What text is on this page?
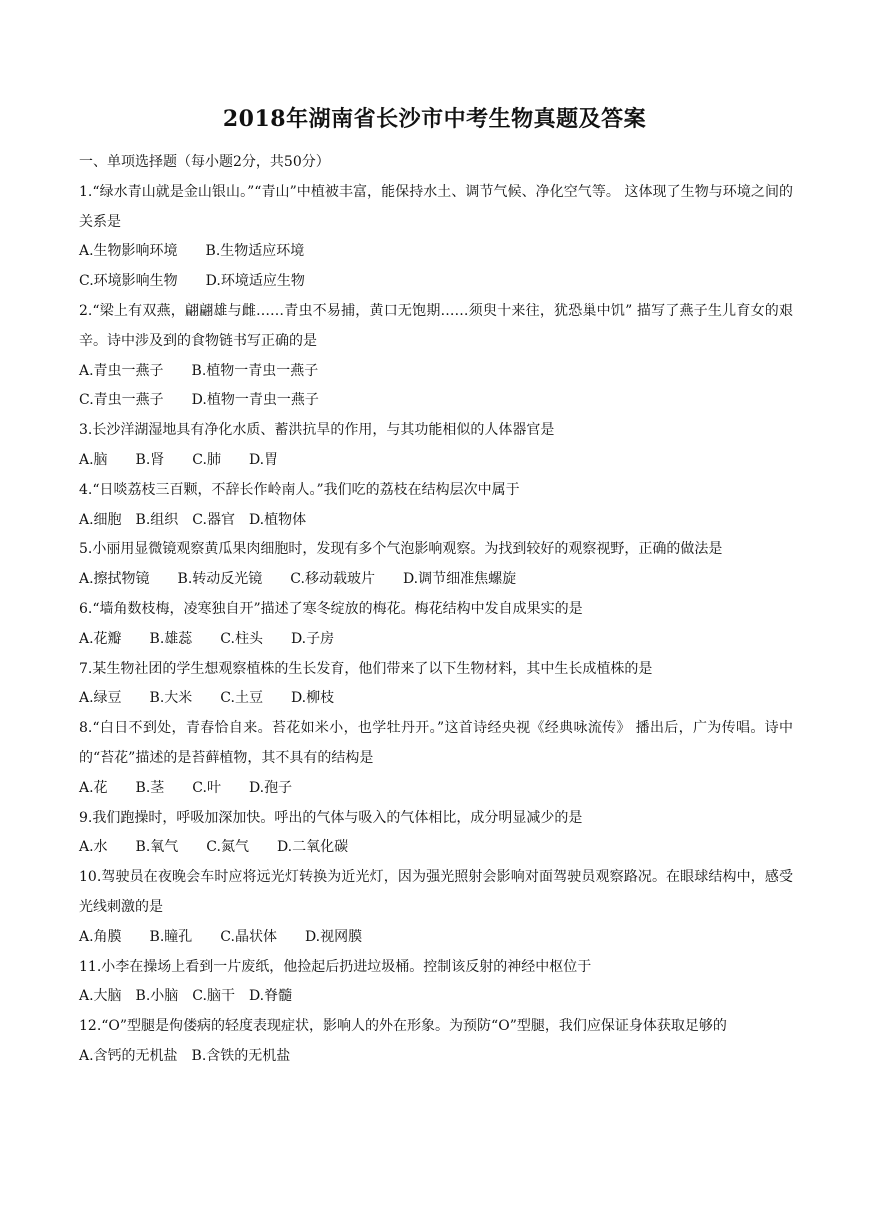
2018年湖南省长沙市中考生物真题及答案
一、单项选择题（每小题2分，共50分）
1.“绿水青山就是金山银山。”“青山”中植被丰富，能保持水土、调节气候、净化空气等。 这体现了生物与环境之间的关系是
A.生物影响环境　　B.生物适应环境
C.环境影响生物　　D.环境适应生物
2.“梁上有双燕，翩翩雄与雌……青虫不易捕，黄口无饱期……须臾十来往，犹恐巢中饥” 描写了燕子生儿育女的艰辛。诗中涉及到的食物链书写正确的是
A.青虫一燕子　　B.植物一青虫一燕子
C.青虫一燕子　　D.植物一青虫一燕子
3.长沙洋湖湿地具有净化水质、蓄洪抗旱的作用，与其功能相似的人体器官是
A.脑　　B.肾　　C.肺　　D.胃
4.“日啖荔枝三百颗，不辞长作岭南人。”我们吃的荔枝在结构层次中属于
A.细胞　B.组织　C.器官　D.植物体
5.小丽用显微镜观察黄瓜果肉细胞时，发现有多个气泡影响观察。为找到较好的观察视野，正确的做法是
A.擦拭物镜　　B.转动反光镜　　C.移动载玻片　　D.调节细准焦螺旋
6.“墙角数枝梅，凌寒独自开”描述了寒冬绽放的梅花。梅花结构中发自成果实的是
A.花瓣　　B.雄蕊　　C.柱头　　D.子房
7.某生物社团的学生想观察植株的生长发育，他们带来了以下生物材料，其中生长成植株的是
A.绿豆　　B.大米　　C.土豆　　D.柳枝
8.“白日不到处，青春恰自来。苔花如米小，也学牡丹开。”这首诗经央视《经典咏流传》 播出后，广为传唱。诗中的“苔花”描述的是苔藓植物，其不具有的结构是
A.花　　B.茎　　C.叶　　D.孢子
9.我们跑操时，呼吸加深加快。呼出的气体与吸入的气体相比，成分明显减少的是
A.水　　B.氧气　　C.氮气　　D.二氧化碳
10.驾驶员在夜晚会车时应将远光灯转换为近光灯，因为强光照射会影响对面驾驶员观察路况。在眼球结构中，感受光线刺激的是
A.角膜　　B.瞳孔　　C.晶状体　　D.视网膜
11.小李在操场上看到一片废纸，他捡起后扔进垃圾桶。控制该反射的神经中枢位于
A.大脑　B.小脑　C.脑干　D.脊髓
12.“O”型腿是佝偻病的轻度表现症状，影响人的外在形象。为预防“O”型腿，我们应保证身体获取足够的
A.含钙的无机盐　B.含铁的无机盐
